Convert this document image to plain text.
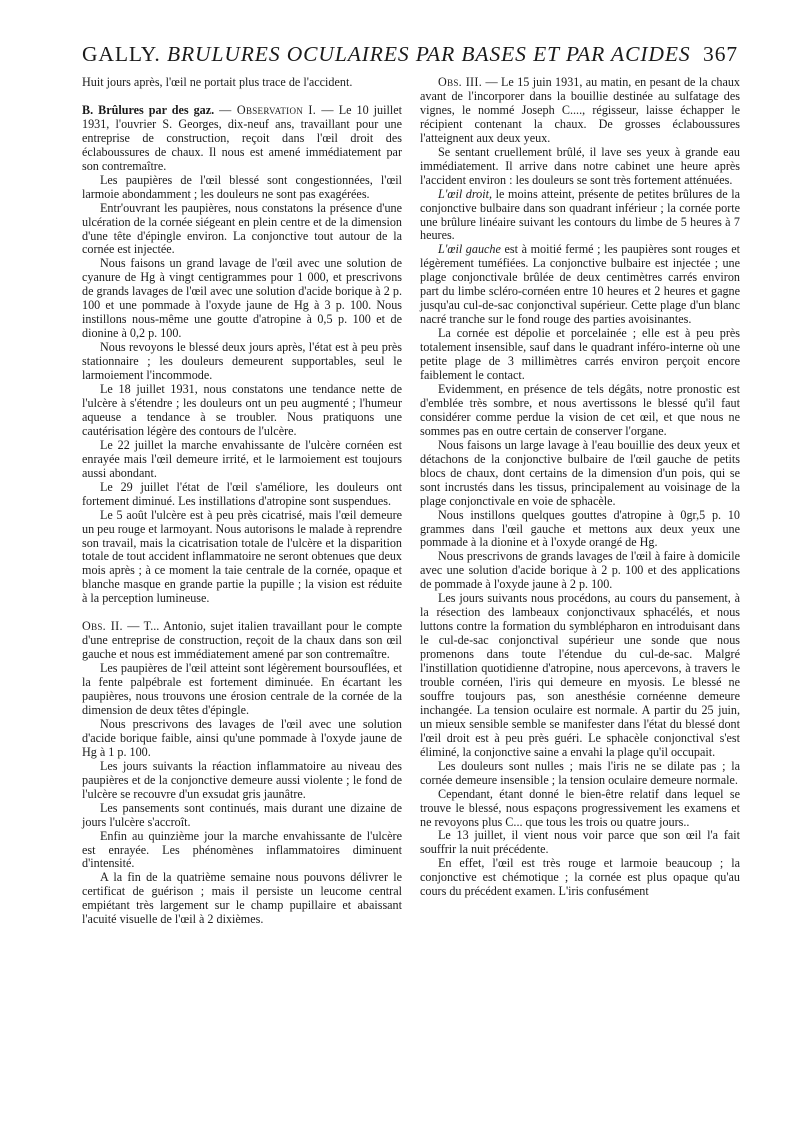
GALLY. BRULURES OCULAIRES PAR BASES ET PAR ACIDES 367

Huit jours après, l'œil ne portait plus trace de l'accident.

B. Brûlures par des gaz. — Observation I. — Le 10 juillet 1931, l'ouvrier S. Georges, dix-neuf ans, travaillant pour une entreprise de construction, reçoit dans l'œil droit des éclaboussures de chaux. Il nous est amené immédiatement par son contremaître.

Les paupières de l'œil blessé sont congestionnées, l'œil larmoie abondamment ; les douleurs ne sont pas exagérées.

Entr'ouvrant les paupières, nous constatons la présence d'une ulcération de la cornée siégeant en plein centre et de la dimension d'une tête d'épingle environ. La conjonctive tout autour de la cornée est injectée.

Nous faisons un grand lavage de l'œil avec une solution de cyanure de Hg à vingt centigrammes pour 1 000, et prescrivons de grands lavages de l'œil avec une solution d'acide borique à 2 p. 100 et une pommade à l'oxyde jaune de Hg à 3 p. 100. Nous instillons nous-même une goutte d'atropine à 0,5 p. 100 et de dionine à 0,2 p. 100.

Nous revoyons le blessé deux jours après, l'état est à peu près stationnaire ; les douleurs demeurent supportables, seul le larmoiement l'incommode.

Le 18 juillet 1931, nous constatons une tendance nette de l'ulcère à s'étendre ; les douleurs ont un peu augmenté ; l'humeur aqueuse a tendance à se troubler. Nous pratiquons une cautérisation légère des contours de l'ulcère.

Le 22 juillet la marche envahissante de l'ulcère cornéen est enrayée mais l'œil demeure irrité, et le larmoiement est toujours aussi abondant.

Le 29 juillet l'état de l'œil s'améliore, les douleurs ont fortement diminué. Les instillations d'atropine sont suspendues.

Le 5 août l'ulcère est à peu près cicatrisé, mais l'œil demeure un peu rouge et larmoyant. Nous autorisons le malade à reprendre son travail, mais la cicatrisation totale de l'ulcère et la disparition totale de tout accident inflammatoire ne seront obtenues que deux mois après ; à ce moment la taie centrale de la cornée, opaque et blanche masque en grande partie la pupille ; la vision est réduite à la perception lumineuse.

Obs. II. — T... Antonio, sujet italien travaillant pour le compte d'une entreprise de construction, reçoit de la chaux dans son œil gauche et nous est immédiatement amené par son contremaître.

Les paupières de l'œil atteint sont légèrement boursouflées, et la fente palpébrale est fortement diminuée. En écartant les paupières, nous trouvons une érosion centrale de la cornée de la dimension de deux têtes d'épingle.

Nous prescrivons des lavages de l'œil avec une solution d'acide borique faible, ainsi qu'une pommade à l'oxyde jaune de Hg à 1 p. 100.

Les jours suivants la réaction inflammatoire au niveau des paupières et de la conjonctive demeure aussi violente ; le fond de l'ulcère se recouvre d'un exsudat gris jaunâtre.

Les pansements sont continués, mais durant une dizaine de jours l'ulcère s'accroît.

Enfin au quinzième jour la marche envahissante de l'ulcère est enrayée. Les phénomènes inflammatoires diminuent d'intensité.

A la fin de la quatrième semaine nous pouvons délivrer le certificat de guérison ; mais il persiste un leucome central empiétant très largement sur le champ pupillaire et abaissant l'acuité visuelle de l'œil à 2 dixièmes.

Obs. III. — Le 15 juin 1931, au matin, en pesant de la chaux avant de l'incorporer dans la bouillie destinée au sulfatage des vignes, le nommé Joseph C...., régisseur, laisse échapper le récipient contenant la chaux. De grosses éclaboussures l'atteignent aux deux yeux.

Se sentant cruellement brûlé, il lave ses yeux à grande eau immédiatement. Il arrive dans notre cabinet une heure après l'accident environ : les douleurs se sont très fortement atténuées.

L'œil droit, le moins atteint, présente de petites brûlures de la conjonctive bulbaire dans son quadrant inférieur ; la cornée porte une brûlure linéaire suivant les contours du limbe de 5 heures à 7 heures.

L'œil gauche est à moitié fermé ; les paupières sont rouges et légèrement tuméfiées. La conjonctive bulbaire est injectée ; une plage conjonctivale brûlée de deux centimètres carrés environ part du limbe scléro-cornéen entre 10 heures et 2 heures et gagne jusqu'au cul-de-sac conjonctival supérieur. Cette plage d'un blanc nacré tranche sur le fond rouge des parties avoisinantes.

La cornée est dépolie et porcelainée ; elle est à peu près totalement insensible, sauf dans le quadrant inféro-interne où une petite plage de 3 millimètres carrés environ perçoit encore faiblement le contact.

Evidemment, en présence de tels dégâts, notre pronostic est d'emblée très sombre, et nous avertissons le blessé qu'il faut considérer comme perdue la vision de cet œil, et que nous ne sommes pas en outre certain de conserver l'organe.

Nous faisons un large lavage à l'eau bouillie des deux yeux et détachons de la conjonctive bulbaire de l'œil gauche de petits blocs de chaux, dont certains de la dimension d'un pois, qui se sont incrustés dans les tissus, principalement au voisinage de la plage conjonctivale en voie de sphacèle.

Nous instillons quelques gouttes d'atropine à 0gr,5 p. 10 grammes dans l'œil gauche et mettons aux deux yeux une pommade à la dionine et à l'oxyde orangé de Hg.

Nous prescrivons de grands lavages de l'œil à faire à domicile avec une solution d'acide borique à 2 p. 100 et des applications de pommade à l'oxyde jaune à 2 p. 100.

Les jours suivants nous procédons, au cours du pansement, à la résection des lambeaux conjonctivaux sphacélés, et nous luttons contre la formation du symblépharon en introduisant dans le cul-de-sac conjonctival supérieur une sonde que nous promenons dans toute l'étendue du cul-de-sac. Malgré l'instillation quotidienne d'atropine, nous apercevons, à travers le trouble cornéen, l'iris qui demeure en myosis. Le blessé ne souffre toujours pas, son anesthésie cornéenne demeure inchangée. La tension oculaire est normale. A partir du 25 juin, un mieux sensible semble se manifester dans l'état du blessé dont l'œil droit est à peu près guéri. Le sphacèle conjonctival s'est éliminé, la conjonctive saine a envahi la plage qu'il occupait.

Les douleurs sont nulles ; mais l'iris ne se dilate pas ; la cornée demeure insensible ; la tension oculaire demeure normale.

Cependant, étant donné le bien-être relatif dans lequel se trouve le blessé, nous espaçons progressivement les examens et ne revoyons plus C... que tous les trois ou quatre jours..

Le 13 juillet, il vient nous voir parce que son œil l'a fait souffrir la nuit précédente.

En effet, l'œil est très rouge et larmoie beaucoup ; la conjonctive est chémotique ; la cornée est plus opaque qu'au cours du précédent examen. L'iris confusément
